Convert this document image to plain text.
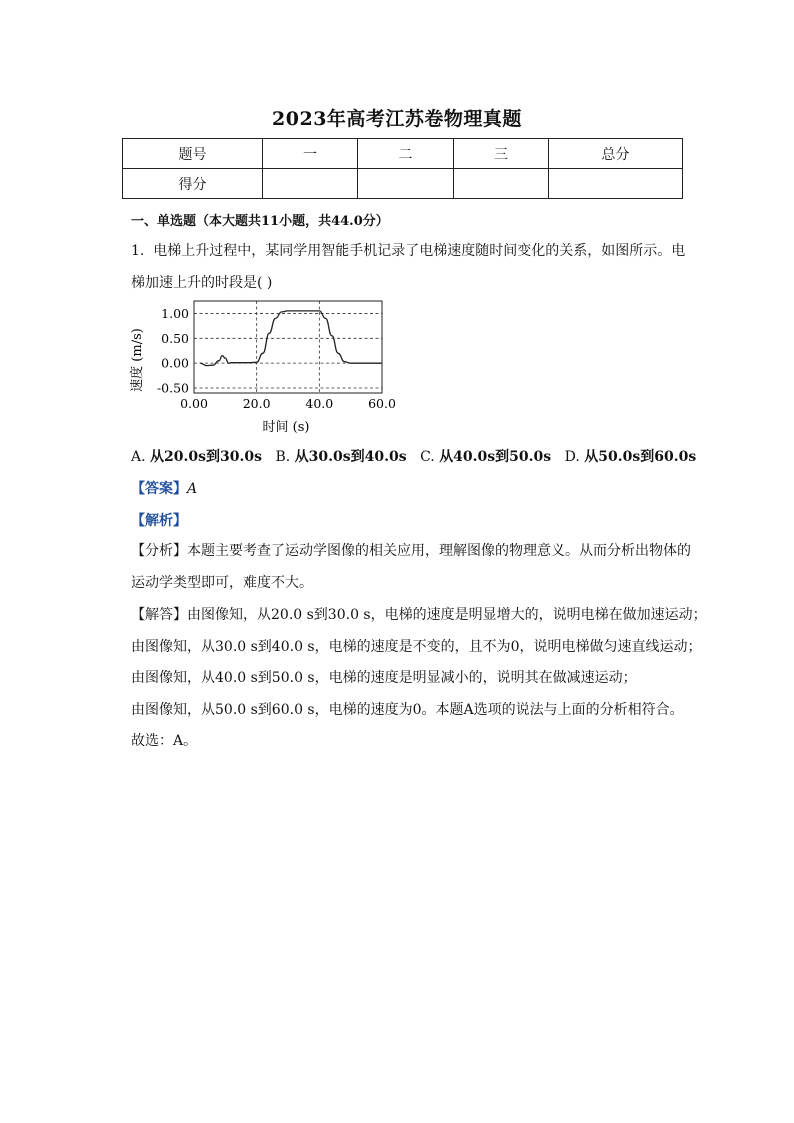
2023年高考江苏卷物理真题
题号	一	二	三	总分
得分				
一、单选题（本大题共11小题，共44.0分）
1. 电梯上升过程中，某同学用智能手机记录了电梯速度随时间变化的关系，如图所示。电
梯加速上升的时段是( )
0.00	20.0	40.0	60.0
1.00
0.50
0.00
-0.50
速度 (m/s)
时间 (s)
A. 从20.0s到30.0s B. 从30.0s到40.0s C. 从40.0s到50.0s D. 从50.0s到60.0s
【答案】A
【解析】
【分析】本题主要考查了运动学图像的相关应用，理解图像的物理意义。从而分析出物体的
运动学类型即可，难度不大。
【解答】由图像知，从20.0 s到30.0 s，电梯的速度是明显增大的，说明电梯在做加速运动；
由图像知，从30.0 s到40.0 s，电梯的速度是不变的，且不为0，说明电梯做匀速直线运动；
由图像知，从40.0 s到50.0 s，电梯的速度是明显减小的，说明其在做减速运动；
由图像知，从50.0 s到60.0 s，电梯的速度为0。本题A选项的说法与上面的分析相符合。
故选：A。
